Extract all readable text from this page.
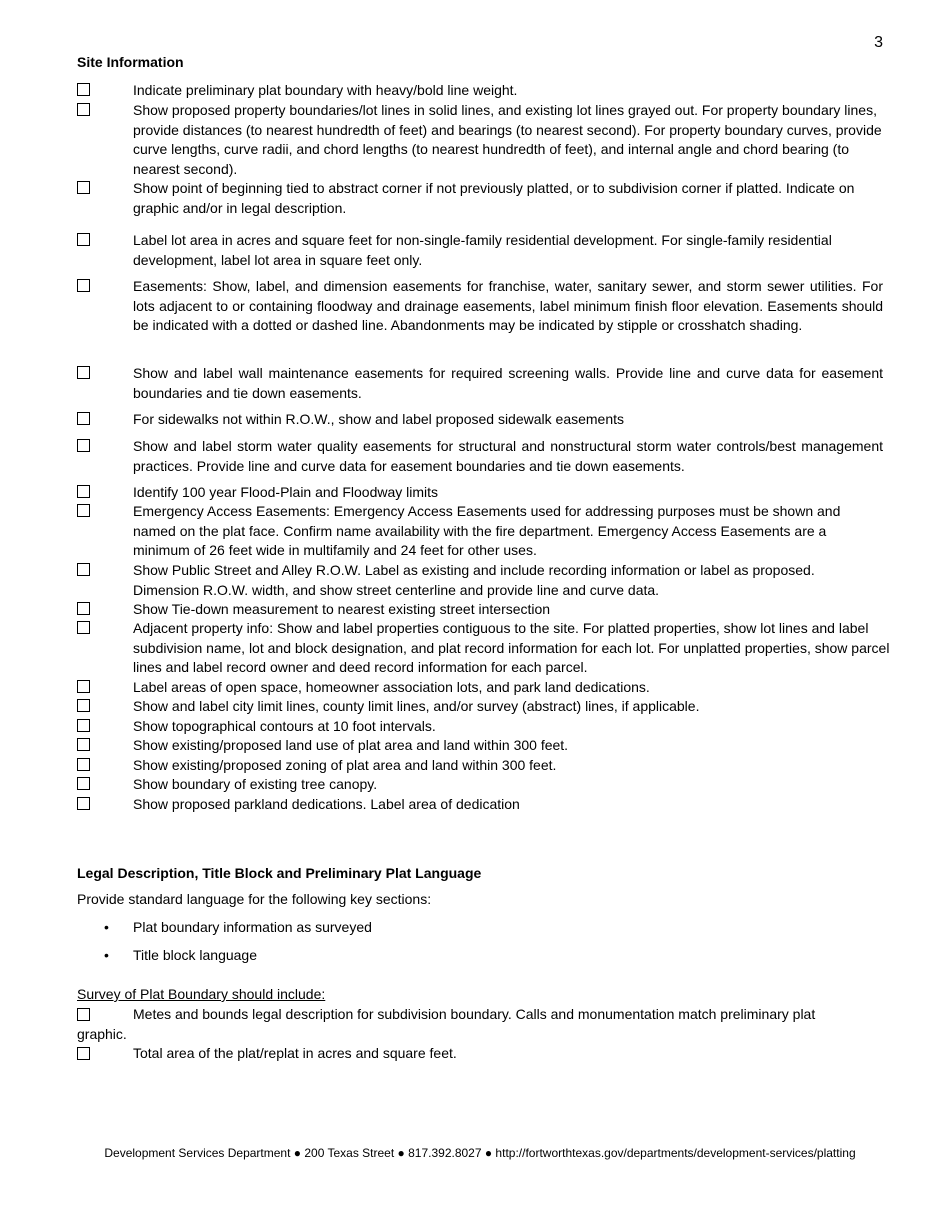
3
Site Information
Indicate preliminary plat boundary with heavy/bold line weight.
Show proposed property boundaries/lot lines in solid lines, and existing lot lines grayed out. For property boundary lines, provide distances (to nearest hundredth of feet) and bearings (to nearest second). For property boundary curves, provide curve lengths, curve radii, and chord lengths (to nearest hundredth of feet), and internal angle and chord bearing (to nearest second).
Show point of beginning tied to abstract corner if not previously platted, or to subdivision corner if platted. Indicate on graphic and/or in legal description.
Label lot area in acres and square feet for non-single-family residential development. For single-family residential development, label lot area in square feet only.
Easements: Show, label, and dimension easements for franchise, water, sanitary sewer, and storm sewer utilities. For lots adjacent to or containing floodway and drainage easements, label minimum finish floor elevation. Easements should be indicated with a dotted or dashed line. Abandonments may be indicated by stipple or crosshatch shading.
Show and label wall maintenance easements for required screening walls. Provide line and curve data for easement boundaries and tie down easements.
For sidewalks not within R.O.W., show and label proposed sidewalk easements
Show and label storm water quality easements for structural and nonstructural storm water controls/best management practices. Provide line and curve data for easement boundaries and tie down easements.
Identify 100 year Flood-Plain and Floodway limits
Emergency Access Easements: Emergency Access Easements used for addressing purposes must be shown and named on the plat face. Confirm name availability with the fire department. Emergency Access Easements are a minimum of 26 feet wide in multifamily and 24 feet for other uses.
Show Public Street and Alley R.O.W. Label as existing and include recording information or label as proposed. Dimension R.O.W. width, and show street centerline and provide line and curve data.
Show Tie-down measurement to nearest existing street intersection
Adjacent property info: Show and label properties contiguous to the site. For platted properties, show lot lines and label subdivision name, lot and block designation, and plat record information for each lot. For unplatted properties, show parcel lines and label record owner and deed record information for each parcel.
Label areas of open space, homeowner association lots, and park land dedications.
Show and label city limit lines, county limit lines, and/or survey (abstract) lines, if applicable.
Show topographical contours at 10 foot intervals.
Show existing/proposed land use of plat area and land within 300 feet.
Show existing/proposed zoning of plat area and land within 300 feet.
Show boundary of existing tree canopy.
Show proposed parkland dedications. Label area of dedication
Legal Description, Title Block and Preliminary Plat Language
Provide standard language for the following key sections:
• Plat boundary information as surveyed
• Title block language
Survey of Plat Boundary should include:
Metes and bounds legal description for subdivision boundary. Calls and monumentation match preliminary plat graphic.
Total area of the plat/replat in acres and square feet.
Development Services Department ● 200 Texas Street ● 817.392.8027 ● http://fortworthtexas.gov/departments/development-services/platting
